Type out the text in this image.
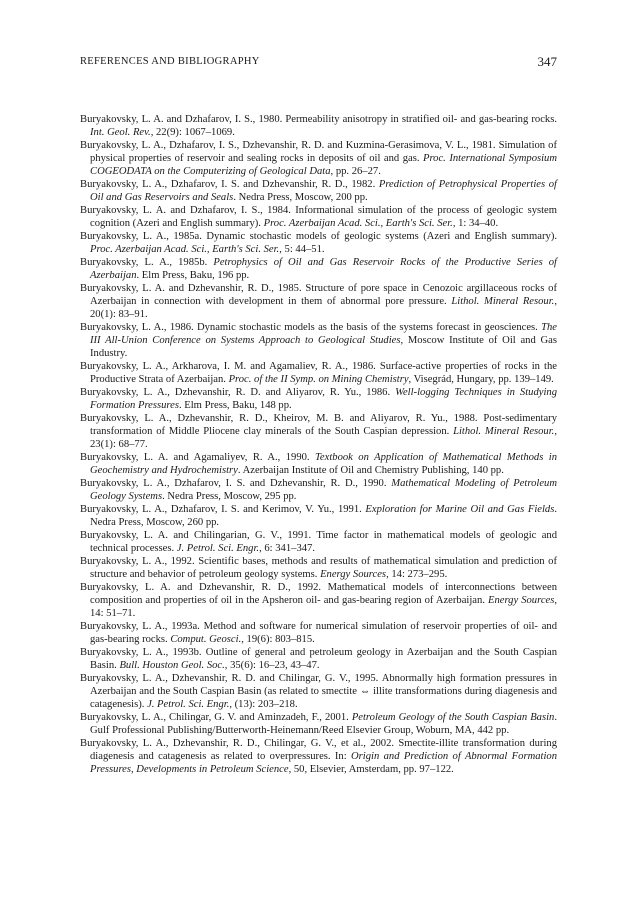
REFERENCES AND BIBLIOGRAPHY	347

Buryakovsky, L. A. and Dzhafarov, I. S., 1980. Permeability anisotropy in stratified oil- and gas-bearing rocks. Int. Geol. Rev., 22(9): 1067–1069.

Buryakovsky, L. A., Dzhafarov, I. S., Dzhevanshir, R. D. and Kuzmina-Gerasimova, V. L., 1981. Simulation of physical properties of reservoir and sealing rocks in deposits of oil and gas. Proc. International Symposium COGEODATA on the Computerizing of Geological Data, pp. 26–27.

Buryakovsky, L. A., Dzhafarov, I. S. and Dzhevanshir, R. D., 1982. Prediction of Petrophysical Properties of Oil and Gas Reservoirs and Seals. Nedra Press, Moscow, 200 pp.

Buryakovsky, L. A. and Dzhafarov, I. S., 1984. Informational simulation of the process of geologic system cognition (Azeri and English summary). Proc. Azerbaijan Acad. Sci., Earth's Sci. Ser., 1: 34–40.

Buryakovsky, L. A., 1985a. Dynamic stochastic models of geologic systems (Azeri and English summary). Proc. Azerbaijan Acad. Sci., Earth's Sci. Ser., 5: 44–51.

Buryakovsky, L. A., 1985b. Petrophysics of Oil and Gas Reservoir Rocks of the Productive Series of Azerbaijan. Elm Press, Baku, 196 pp.

Buryakovsky, L. A. and Dzhevanshir, R. D., 1985. Structure of pore space in Cenozoic argillaceous rocks of Azerbaijan in connection with development in them of abnormal pore pressure. Lithol. Mineral Resour., 20(1): 83–91.

Buryakovsky, L. A., 1986. Dynamic stochastic models as the basis of the systems forecast in geosciences. The III All-Union Conference on Systems Approach to Geological Studies, Moscow Institute of Oil and Gas Industry.

Buryakovsky, L. A., Arkharova, I. M. and Agamaliev, R. A., 1986. Surface-active properties of rocks in the Productive Strata of Azerbaijan. Proc. of the II Symp. on Mining Chemistry, Visegrád, Hungary, pp. 139–149.

Buryakovsky, L. A., Dzhevanshir, R. D. and Aliyarov, R. Yu., 1986. Well-logging Techniques in Studying Formation Pressures. Elm Press, Baku, 148 pp.

Buryakovsky, L. A., Dzhevanshir, R. D., Kheirov, M. B. and Aliyarov, R. Yu., 1988. Post-sedimentary transformation of Middle Pliocene clay minerals of the South Caspian depression. Lithol. Mineral Resour., 23(1): 68–77.

Buryakovsky, L. A. and Agamaliyev, R. A., 1990. Textbook on Application of Mathematical Methods in Geochemistry and Hydrochemistry. Azerbaijan Institute of Oil and Chemistry Publishing, 140 pp.

Buryakovsky, L. A., Dzhafarov, I. S. and Dzhevanshir, R. D., 1990. Mathematical Modeling of Petroleum Geology Systems. Nedra Press, Moscow, 295 pp.

Buryakovsky, L. A., Dzhafarov, I. S. and Kerimov, V. Yu., 1991. Exploration for Marine Oil and Gas Fields. Nedra Press, Moscow, 260 pp.

Buryakovsky, L. A. and Chilingarian, G. V., 1991. Time factor in mathematical models of geologic and technical processes. J. Petrol. Sci. Engr., 6: 341–347.

Buryakovsky, L. A., 1992. Scientific bases, methods and results of mathematical simulation and prediction of structure and behavior of petroleum geology systems. Energy Sources, 14: 273–295.

Buryakovsky, L. A. and Dzhevanshir, R. D., 1992. Mathematical models of interconnections between composition and properties of oil in the Apsheron oil- and gas-bearing region of Azerbaijan. Energy Sources, 14: 51–71.

Buryakovsky, L. A., 1993a. Method and software for numerical simulation of reservoir properties of oil- and gas-bearing rocks. Comput. Geosci., 19(6): 803–815.

Buryakovsky, L. A., 1993b. Outline of general and petroleum geology in Azerbaijan and the South Caspian Basin. Bull. Houston Geol. Soc., 35(6): 16–23, 43–47.

Buryakovsky, L. A., Dzhevanshir, R. D. and Chilingar, G. V., 1995. Abnormally high formation pressures in Azerbaijan and the South Caspian Basin (as related to smectite ⇔ illite transformations during diagenesis and catagenesis). J. Petrol. Sci. Engr., (13): 203–218.

Buryakovsky, L. A., Chilingar, G. V. and Aminzadeh, F., 2001. Petroleum Geology of the South Caspian Basin. Gulf Professional Publishing/Butterworth-Heinemann/Reed Elsevier Group, Woburn, MA, 442 pp.

Buryakovsky, L. A., Dzhevanshir, R. D., Chilingar, G. V., et al., 2002. Smectite-illite transformation during diagenesis and catagenesis as related to overpressures. In: Origin and Prediction of Abnormal Formation Pressures, Developments in Petroleum Science, 50, Elsevier, Amsterdam, pp. 97–122.
